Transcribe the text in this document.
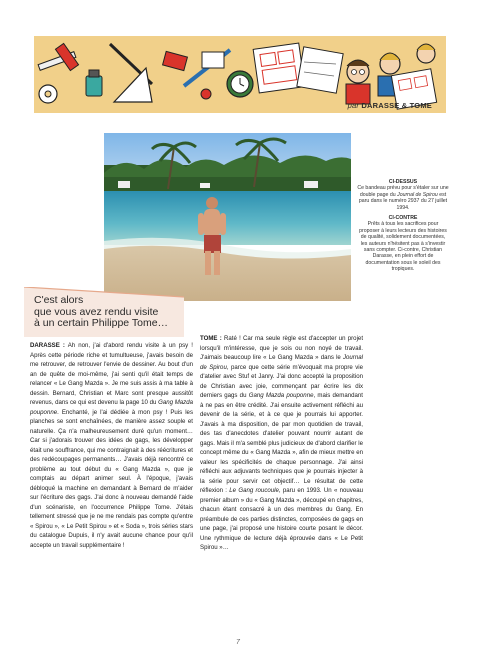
par DARASSE & TOME
CI-DESSUS
Ce bandeau prévu pour s'étaler sur une double page du Journal de Spirou est paru dans le numéro 2937 du 27 juillet 1994.
CI-CONTRE
Prêts à tous les sacrifices pour proposer à leurs lecteurs des histoires de qualité, solidement documentées, les auteurs n'hésitent pas à s'investir sans compter. Ci-contre, Christian Darasse, en plein effort de documentation sous le soleil des tropiques.
C'est alors
que vous avez rendu visite
à un certain Philippe Tome…
DARASSE : Ah non, j'ai d'abord rendu visite à un psy ! Après cette période riche et tumultueuse, j'avais besoin de me retrouver, de retrouver l'envie de dessiner. Au bout d'un an de quête de moi-même, j'ai senti qu'il était temps de relancer « Le Gang Mazda ». Je me suis assis à ma table à dessin. Bernard, Christian et Marc sont presque aussitôt revenus, dans ce qui est devenu la page 10 du Gang Mazda pouponne. Enchanté, je l'ai dédiée à mon psy ! Puis les planches se sont enchaînées, de manière assez souple et naturelle. Ça n'a malheureusement duré qu'un moment… Car si j'adorais trouver des idées de gags, les développer était une souffrance, qui me contraignait à des réécritures et des redécoupages permanents… J'avais déjà rencontré ce problème au tout début du « Gang Mazda », que je comptais au départ animer seul. À l'époque, j'avais débloqué la machine en demandant à Bernard de m'aider sur l'écriture des gags. J'ai donc à nouveau demandé l'aide d'un scénariste, en l'occurrence Philippe Tome. J'étais tellement stressé que je ne me rendais pas compte qu'entre « Spirou », « Le Petit Spirou » et « Soda », trois séries stars du catalogue Dupuis, il n'y avait aucune chance pour qu'il accepte un travail supplémentaire !
TOME : Raté ! Car ma seule règle est d'accepter un projet lorsqu'il m'intéresse, que je sois ou non noyé de travail. J'aimais beaucoup lire « Le Gang Mazda » dans le Journal de Spirou, parce que cette série m'évoquait ma propre vie d'atelier avec Stuf et Janry. J'ai donc accepté la proposition de Christian avec joie, commençant par écrire les dix derniers gags du Gang Mazda pouponne, mais demandant à ne pas en être crédité. J'ai ensuite activement réfléchi au devenir de la série, et à ce que je pourrais lui apporter. J'avais à ma disposition, de par mon quotidien de travail, des tas d'anecdotes d'atelier pouvant nourrir autant de gags. Mais il m'a semblé plus judicieux de d'abord clarifier le concept même du « Gang Mazda », afin de mieux mettre en valeur les spécificités de chaque personnage. J'ai ainsi réfléchi aux adjuvants techniques que je pourrais injecter à la série pour servir cet objectif… Le résultat de cette réflexion : Le Gang roucoule, paru en 1993. Un « nouveau premier album » du « Gang Mazda », découpé en chapitres, chacun étant consacré à un des membres du Gang. En préambule de ces parties distinctes, composées de gags en une page, j'ai proposé une histoire courte posant le décor. Une rythmique de lecture déjà éprouvée dans « Le Petit Spirou »…
7
